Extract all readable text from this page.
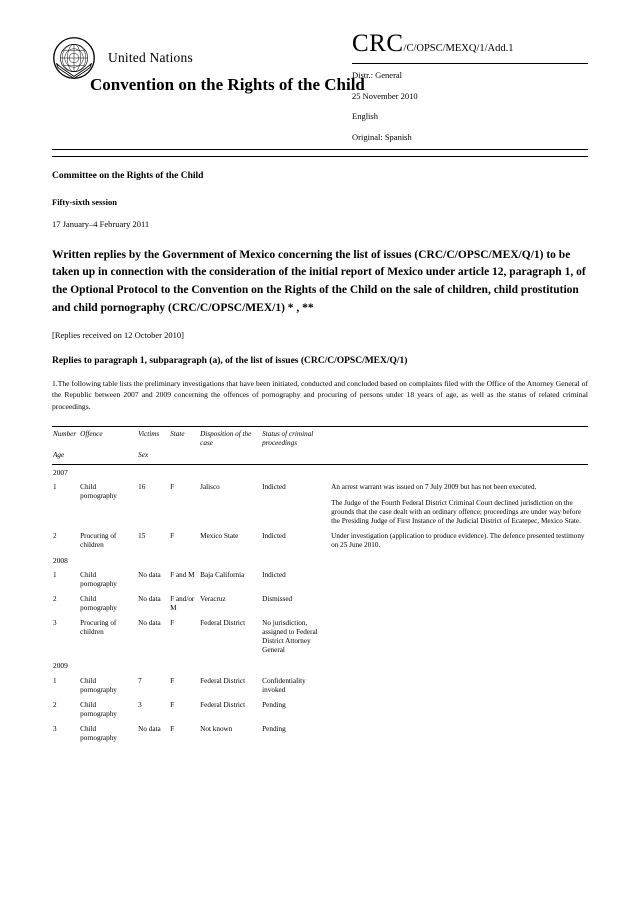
United Nations
CRC/C/OPSC/MEXQ/1/Add.1
Distr.: General
25 November 2010
English
Original: Spanish
Convention on the Rights of the Child
Committee on the Rights of the Child
Fifty-sixth session
17 January–4 February 2011
Written replies by the Government of Mexico concerning the list of issues (CRC/C/OPSC/MEX/Q/1) to be taken up in connection with the consideration of the initial report of Mexico under article 12, paragraph 1, of the Optional Protocol to the Convention on the Rights of the Child on the sale of children, child prostitution and child pornography (CRC/C/OPSC/MEX/1) * , **
[Replies received on 12 October 2010]
Replies to paragraph 1, subparagraph (a), of the list of issues (CRC/C/OPSC/MEX/Q/1)
1.The following table lists the preliminary investigations that have been initiated, conducted and concluded based on complaints filed with the Office of the Attorney General of the Republic between 2007 and 2009 concerning the offences of pornography and procuring of persons under 18 years of age, as well as the status of related criminal proceedings.
Number	Offence	Victims	State	Disposition of the case	Status of criminal proceedings	
Age		Sex				
2007						
1	Child pornography	16	F	Jalisco	Indicted	An arrest warrant was issued on 7 July 2009 but has not been executed.

The Judge of the Fourth Federal District Criminal Court declined jurisdiction on the grounds that the case dealt with an ordinary offence; proceedings are under way before the Presiding Judge of First Instance of the Judicial District of Ecatepec, Mexico State.

2	Procuring of children	15	F	Mexico State	Indicted	Under investigation (application to produce evidence). The defence presented testimony on 25 June 2010.

2008						
1	Child pornography	No data	F and M	Baja California	Indicted	
2	Child pornography	No data	F and/or M	Veracruz	Dismissed	
3	Procuring of children	No data	F	Federal District	No jurisdiction, assigned to Federal District Attorney General	
2009						
1	Child pornography	7	F	Federal District	Confidentiality invoked	
2	Child pornography	3	F	Federal District	Pending	
3	Child pornography	No data	F	Not known	Pending	
